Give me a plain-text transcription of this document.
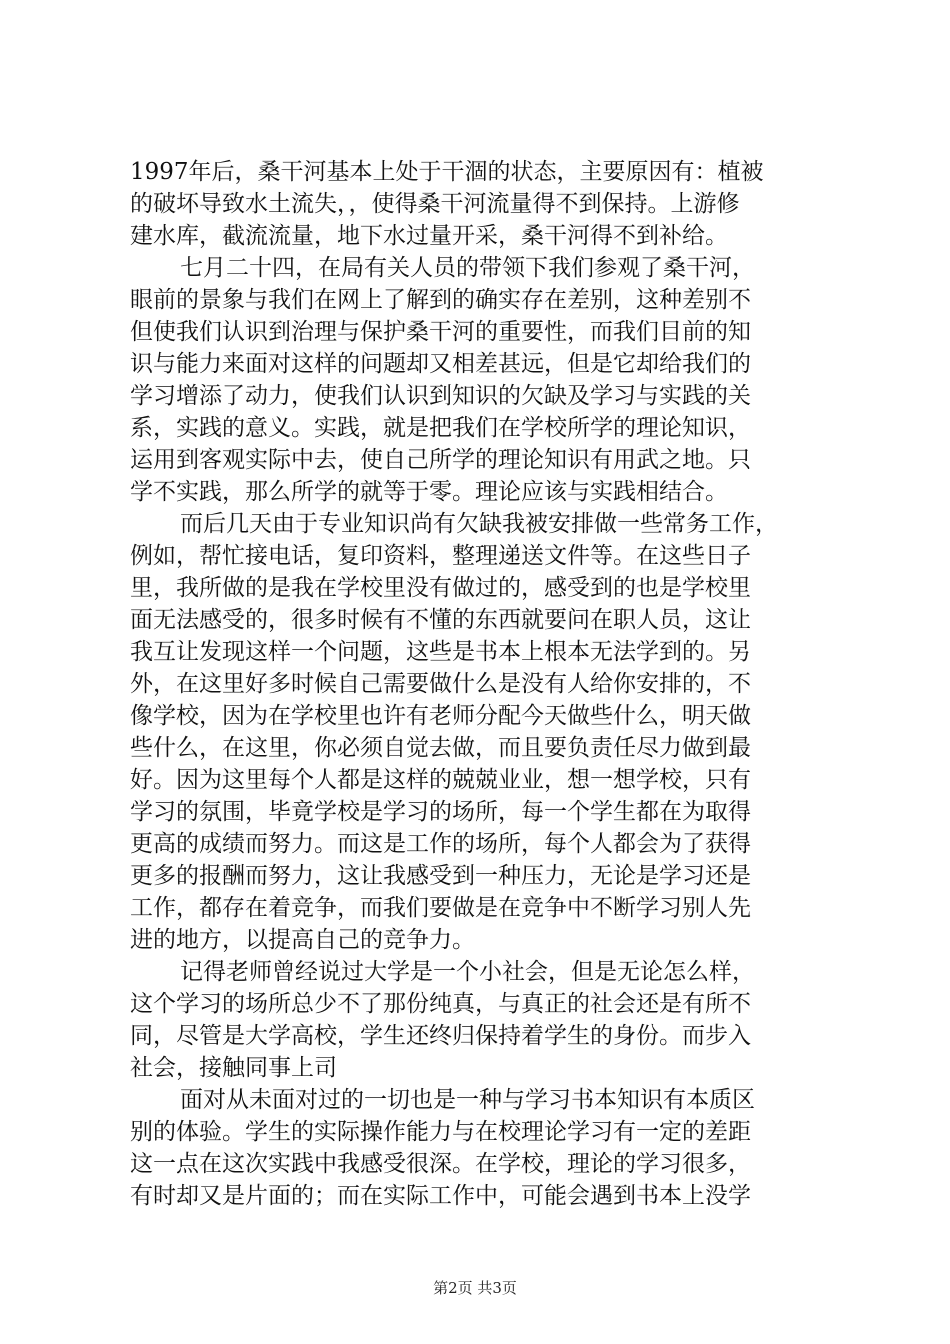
1997年后，桑干河基本上处于干涸的状态，主要原因有：植被
的破坏导致水土流失，，使得桑干河流量得不到保持。上游修
建水库，截流流量，地下水过量开采，桑干河得不到补给。
七月二十四，在局有关人员的带领下我们参观了桑干河，
眼前的景象与我们在网上了解到的确实存在差别，这种差别不
但使我们认识到治理与保护桑干河的重要性，而我们目前的知
识与能力来面对这样的问题却又相差甚远，但是它却给我们的
学习增添了动力，使我们认识到知识的欠缺及学习与实践的关
系，实践的意义。实践，就是把我们在学校所学的理论知识，
运用到客观实际中去，使自己所学的理论知识有用武之地。只
学不实践，那么所学的就等于零。理论应该与实践相结合。
而后几天由于专业知识尚有欠缺我被安排做一些常务工作，
例如，帮忙接电话，复印资料，整理递送文件等。在这些日子
里，我所做的是我在学校里没有做过的，感受到的也是学校里
面无法感受的，很多时候有不懂的东西就要问在职人员，这让
我互让发现这样一个问题，这些是书本上根本无法学到的。另
外，在这里好多时候自己需要做什么是没有人给你安排的，不
像学校，因为在学校里也许有老师分配今天做些什么，明天做
些什么，在这里，你必须自觉去做，而且要负责任尽力做到最
好。因为这里每个人都是这样的兢兢业业，想一想学校，只有
学习的氛围，毕竟学校是学习的场所，每一个学生都在为取得
更高的成绩而努力。而这是工作的场所，每个人都会为了获得
更多的报酬而努力，这让我感受到一种压力，无论是学习还是
工作，都存在着竞争，而我们要做是在竞争中不断学习别人先
进的地方，以提高自己的竞争力。
记得老师曾经说过大学是一个小社会，但是无论怎么样，
这个学习的场所总少不了那份纯真，与真正的社会还是有所不
同，尽管是大学高校，学生还终归保持着学生的身份。而步入
社会，接触同事上司
面对从未面对过的一切也是一种与学习书本知识有本质区
别的体验。学生的实际操作能力与在校理论学习有一定的差距
这一点在这次实践中我感受很深。在学校，理论的学习很多，
有时却又是片面的；而在实际工作中，可能会遇到书本上没学
第2页 共3页
